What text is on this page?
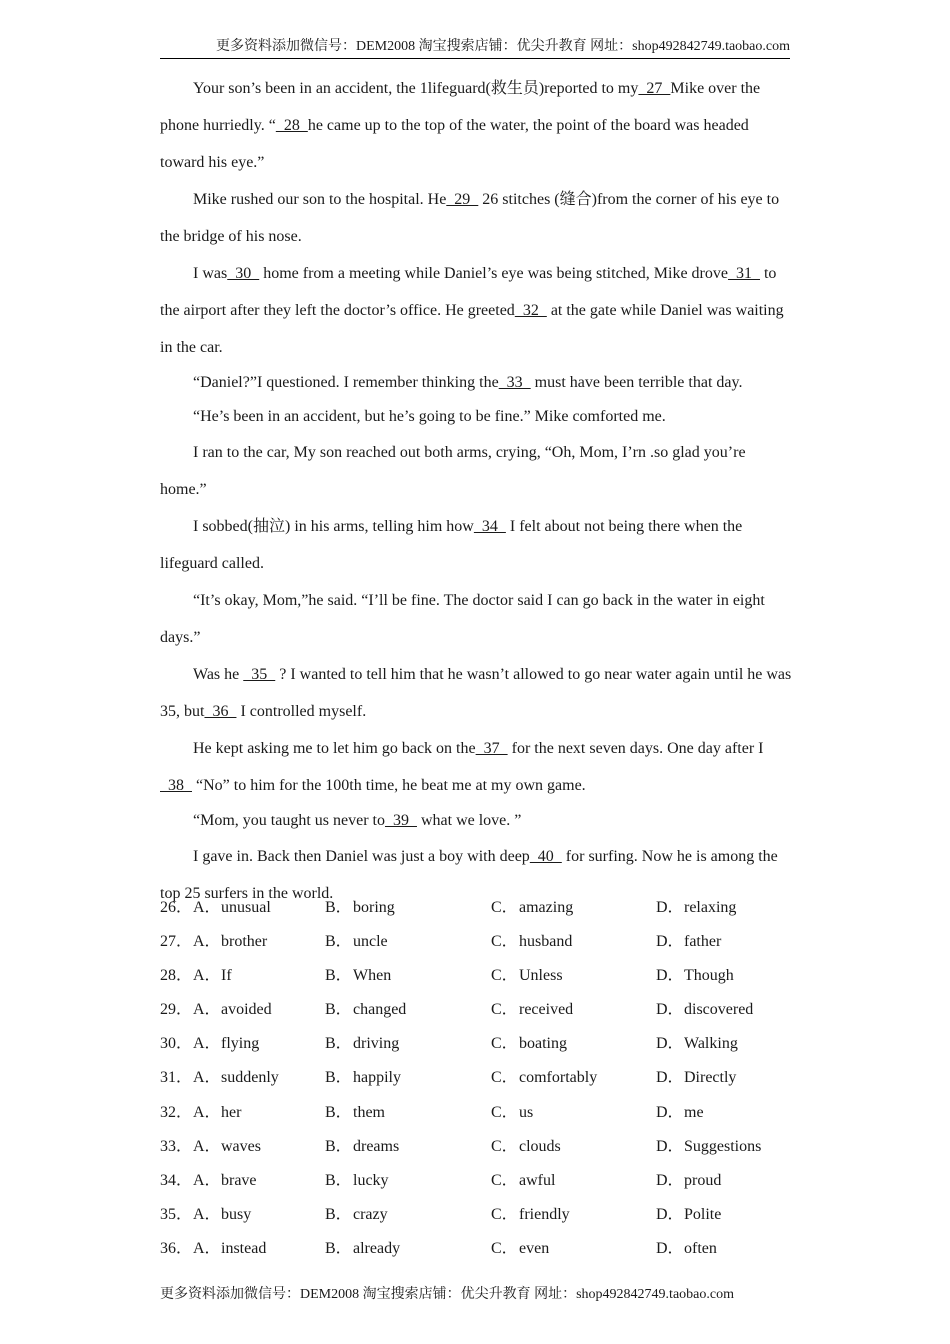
更多资料添加微信号：DEM2008 淘宝搜索店铺：优尖升教育 网址：shop492842749.taobao.com

Your son’s been in an accident, the 1lifeguard(救生员)reported to my  27  Mike over the phone hurriedly. “  28  he came up to the top of the water, the point of the board was headed toward his eye.”

Mike rushed our son to the hospital. He  29   26 stitches (缝合)from the corner of his eye to the bridge of his nose.

I was  30   home from a meeting while Daniel’s eye was being stitched, Mike drove  31   to the airport after they left the doctor’s office. He greeted  32   at the gate while Daniel was waiting in the car.

“Daniel?”I questioned. I remember thinking the  33   must have been terrible that day.

“He’s been in an accident, but he’s going to be fine.” Mike comforted me.

I ran to the car, My son reached out both arms, crying, “Oh, Mom, I’rn .so glad you’re home.”

I sobbed(抽泣) in his arms, telling him how  34   I felt about not being there when the lifeguard called.

“It’s okay, Mom,”he said. “I’ll be fine. The doctor said I can go back in the water in eight days.”

Was he   35   ? I wanted to tell him that he wasn’t allowed to go near water again until he was 35, but  36   I controlled myself.

He kept asking me to let him go back on the  37   for the next seven days. One day after I   38   “No” to him for the 100th time, he beat me at my own game.

“Mom, you taught us never to  39   what we love. ”

I gave in. Back then Daniel was just a boy with deep  40   for surfing. Now he is among the top 25 surfers in the world.

26． A．unusual	B．boring	C．amazing	D．relaxing
27． A．brother	B．uncle	C．husband	D．father
28． A．If	B．When	C．Unless	D．Though
29． A．avoided	B．changed	C．received	D．discovered
30． A．flying	B．driving	C．boating	D．Walking
31． A．suddenly	B．happily	C．comfortably	D．Directly
32． A．her	B．them	C．us	D．me
33． A．waves	B．dreams	C．clouds	D．Suggestions
34． A．brave	B．lucky	C．awful	D．proud
35． A．busy	B．crazy	C．friendly	D．Polite
36． A．instead	B．already	C．even	D．often
更多资料添加微信号：DEM2008 淘宝搜索店铺：优尖升教育 网址：shop492842749.taobao.com
